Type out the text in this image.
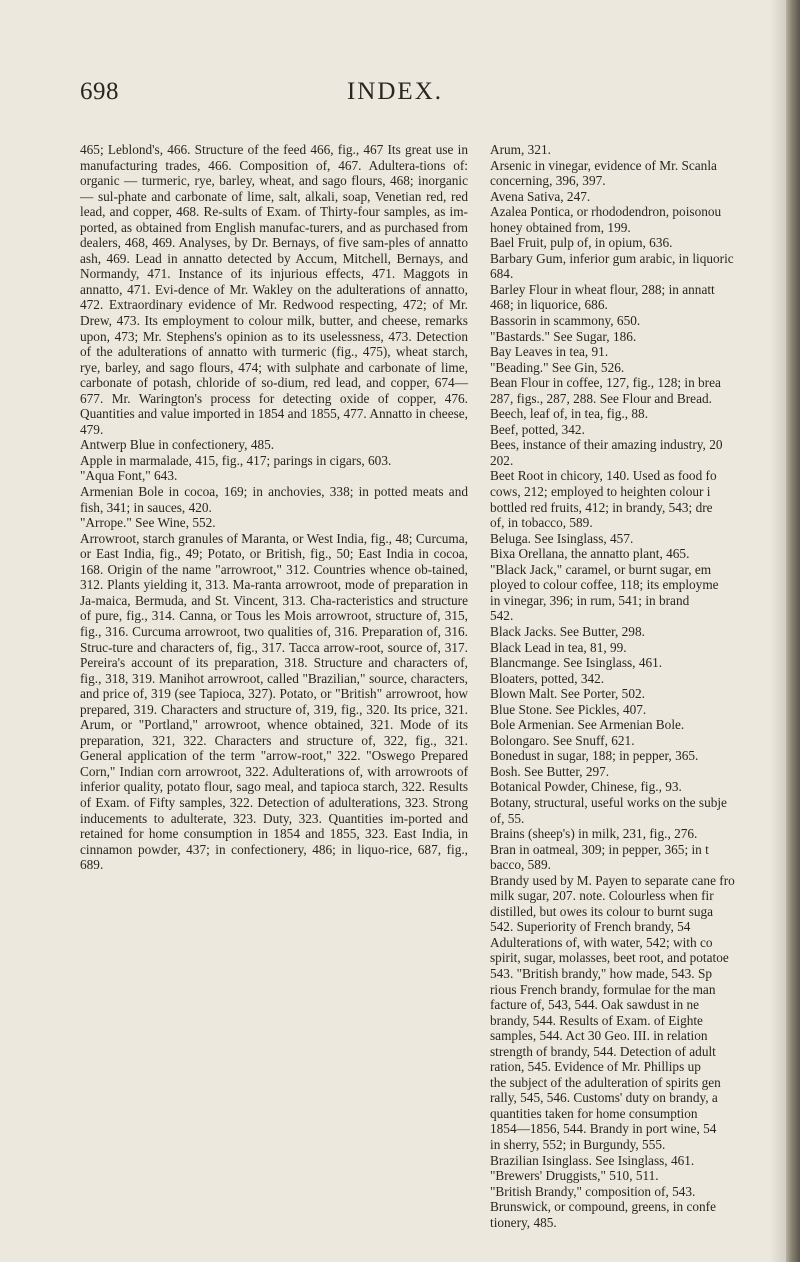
698	INDEX.

465; Leblond's, 466. Structure of the feed 466, fig., 467 Its great use in manufacturing trades, 466. Composition of, 467. Adultera-tions of: organic — turmeric, rye, barley, wheat, and sago flours, 468; inorganic — sul-phate and carbonate of lime, salt, alkali, soap, Venetian red, red lead, and copper, 468. Re-sults of Exam. of Thirty-four samples, as im-ported, as obtained from English manufac-turers, and as purchased from dealers, 468, 469. Analyses, by Dr. Bernays, of five sam-ples of annatto ash, 469. Lead in annatto detected by Accum, Mitchell, Bernays, and Normandy, 471. Instance of its injurious effects, 471. Maggots in annatto, 471. Evi-dence of Mr. Wakley on the adulterations of annatto, 472. Extraordinary evidence of Mr. Redwood respecting, 472; of Mr. Drew, 473. Its employment to colour milk, butter, and cheese, remarks upon, 473; Mr. Stephens's opinion as to its uselessness, 473. Detection of the adulterations of annatto with turmeric (fig., 475), wheat starch, rye, barley, and sago flours, 474; with sulphate and carbonate of lime, carbonate of potash, chloride of so-dium, red lead, and copper, 674—677. Mr. Warington's process for detecting oxide of copper, 476. Quantities and value imported in 1854 and 1855, 477. Annatto in cheese, 479.

Antwerp Blue in confectionery, 485.

Apple in marmalade, 415, fig., 417; parings in cigars, 603.

"Aqua Font," 643.

Armenian Bole in cocoa, 169; in anchovies, 338; in potted meats and fish, 341; in sauces, 420.

"Arrope." See Wine, 552.

Arrowroot, starch granules of Maranta, or West India, fig., 48; Curcuma, or East India, fig., 49; Potato, or British, fig., 50; East India in cocoa, 168. Origin of the name "arrowroot," 312. Countries whence ob-tained, 312. Plants yielding it, 313. Ma-ranta arrowroot, mode of preparation in Ja-maica, Bermuda, and St. Vincent, 313. Cha-racteristics and structure of pure, fig., 314. Canna, or Tous les Mois arrowroot, structure of, 315, fig., 316. Curcuma arrowroot, two qualities of, 316. Preparation of, 316. Struc-ture and characters of, fig., 317. Tacca arrow-root, source of, 317. Pereira's account of its preparation, 318. Structure and characters of, fig., 318, 319. Manihot arrowroot, called "Brazilian," source, characters, and price of, 319 (see Tapioca, 327). Potato, or "British" arrowroot, how prepared, 319. Characters and structure of, 319, fig., 320. Its price, 321. Arum, or "Portland," arrowroot, whence obtained, 321. Mode of its preparation, 321, 322. Characters and structure of, 322, fig., 321. General application of the term "arrow-root," 322. "Oswego Prepared Corn," Indian corn arrowroot, 322. Adulterations of, with arrowroots of inferior quality, potato flour, sago meal, and tapioca starch, 322. Results of Exam. of Fifty samples, 322. Detection of adulterations, 323. Strong inducements to adulterate, 323. Duty, 323. Quantities im-ported and retained for home consumption in 1854 and 1855, 323. East India, in cinnamon powder, 437; in confectionery, 486; in liquo-rice, 687, fig., 689.

Arum, 321.

Arsenic in vinegar, evidence of Mr. Scanla

concerning, 396, 397.

Avena Sativa, 247.

Azalea Pontica, or rhododendron, poisonou

honey obtained from, 199.

Bael Fruit, pulp of, in opium, 636.

Barbary Gum, inferior gum arabic, in liquoric

684.

Barley Flour in wheat flour, 288; in annatt

468; in liquorice, 686.

Bassorin in scammony, 650.

"Bastards." See Sugar, 186.

Bay Leaves in tea, 91.

"Beading." See Gin, 526.

Bean Flour in coffee, 127, fig., 128; in brea

287, figs., 287, 288. See Flour and Bread.

Beech, leaf of, in tea, fig., 88.

Beef, potted, 342.

Bees, instance of their amazing industry, 20

202.

Beet Root in chicory, 140. Used as food fo

cows, 212; employed to heighten colour i

bottled red fruits, 412; in brandy, 543; dre

of, in tobacco, 589.

Beluga. See Isinglass, 457.

Bixa Orellana, the annatto plant, 465.

"Black Jack," caramel, or burnt sugar, em

ployed to colour coffee, 118; its employme

in vinegar, 396; in rum, 541; in brand

542.

Black Jacks. See Butter, 298.

Black Lead in tea, 81, 99.

Blancmange. See Isinglass, 461.

Bloaters, potted, 342.

Blown Malt. See Porter, 502.

Blue Stone. See Pickles, 407.

Bole Armenian. See Armenian Bole.

Bolongaro. See Snuff, 621.

Bonedust in sugar, 188; in pepper, 365.

Bosh. See Butter, 297.

Botanical Powder, Chinese, fig., 93.

Botany, structural, useful works on the subje

of, 55.

Brains (sheep's) in milk, 231, fig., 276.

Bran in oatmeal, 309; in pepper, 365; in t

bacco, 589.

Brandy used by M. Payen to separate cane fro

milk sugar, 207. note. Colourless when fir

distilled, but owes its colour to burnt suga

542. Superiority of French brandy, 54

Adulterations of, with water, 542; with co

spirit, sugar, molasses, beet root, and potatoe

543. "British brandy," how made, 543. Sp

rious French brandy, formulae for the man

facture of, 543, 544. Oak sawdust in ne

brandy, 544. Results of Exam. of Eighte

samples, 544. Act 30 Geo. III. in relation

strength of brandy, 544. Detection of adult

ration, 545. Evidence of Mr. Phillips up

the subject of the adulteration of spirits gen

rally, 545, 546. Customs' duty on brandy, a

quantities taken for home consumption

1854—1856, 544. Brandy in port wine, 54

in sherry, 552; in Burgundy, 555.

Brazilian Isinglass. See Isinglass, 461.

"Brewers' Druggists," 510, 511.

"British Brandy," composition of, 543.

Brunswick, or compound, greens, in confe

tionery, 485.
